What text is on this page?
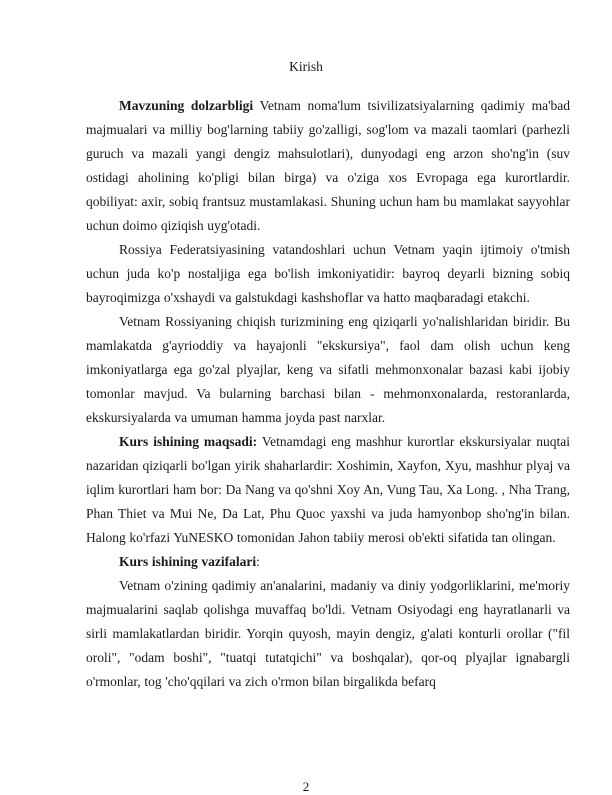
Kirish

Mavzuning dolzarbligi Vetnam noma'lum tsivilizatsiyalarning qadimiy ma'bad majmualari va milliy bog'larning tabiiy go'zalligi, sog'lom va mazali taomlari (parhezli guruch va mazali yangi dengiz mahsulotlari), dunyodagi eng arzon sho'ng'in (suv ostidagi aholining ko'pligi bilan birga) va o'ziga xos Evropaga ega kurortlardir. qobiliyat: axir, sobiq frantsuz mustamlakasi. Shuning uchun ham bu mamlakat sayyohlar uchun doimo qiziqish uyg'otadi.

Rossiya Federatsiyasining vatandoshlari uchun Vetnam yaqin ijtimoiy o'tmish uchun juda ko'p nostaljiga ega bo'lish imkoniyatidir: bayroq deyarli bizning sobiq bayroqimizga o'xshaydi va galstukdagi kashshoflar va hatto maqbaradagi etakchi.

Vetnam Rossiyaning chiqish turizmining eng qiziqarli yo'nalishlaridan biridir. Bu mamlakatda g'ayrioddiy va hayajonli "ekskursiya", faol dam olish uchun keng imkoniyatlarga ega go'zal plyajlar, keng va sifatli mehmonxonalar bazasi kabi ijobiy tomonlar mavjud. Va bularning barchasi bilan - mehmonxonalarda, restoranlarda, ekskursiyalarda va umuman hamma joyda past narxlar.

Kurs ishining maqsadi: Vetnamdagi eng mashhur kurortlar ekskursiyalar nuqtai nazaridan qiziqarli bo'lgan yirik shaharlardir: Xoshimin, Xayfon, Xyu, mashhur plyaj va iqlim kurortlari ham bor: Da Nang va qo'shni Xoy An, Vung Tau, Xa Long. , Nha Trang, Phan Thiet va Mui Ne, Da Lat, Phu Quoc yaxshi va juda hamyonbop sho'ng'in bilan. Halong ko'rfazi YuNESKO tomonidan Jahon tabiiy merosi ob'ekti sifatida tan olingan.

Kurs ishining vazifalari:

Vetnam o'zining qadimiy an'analarini, madaniy va diniy yodgorliklarini, me'moriy majmualarini saqlab qolishga muvaffaq bo'ldi. Vetnam Osiyodagi eng hayratlanarli va sirli mamlakatlardan biridir. Yorqin quyosh, mayin dengiz, g'alati konturli orollar ("fil oroli", "odam boshi", "tuatqi tutatqichi" va boshqalar), qor-oq plyajlar ignabargli o'rmonlar, tog 'cho'qqilari va zich o'rmon bilan birgalikda befarq

2
